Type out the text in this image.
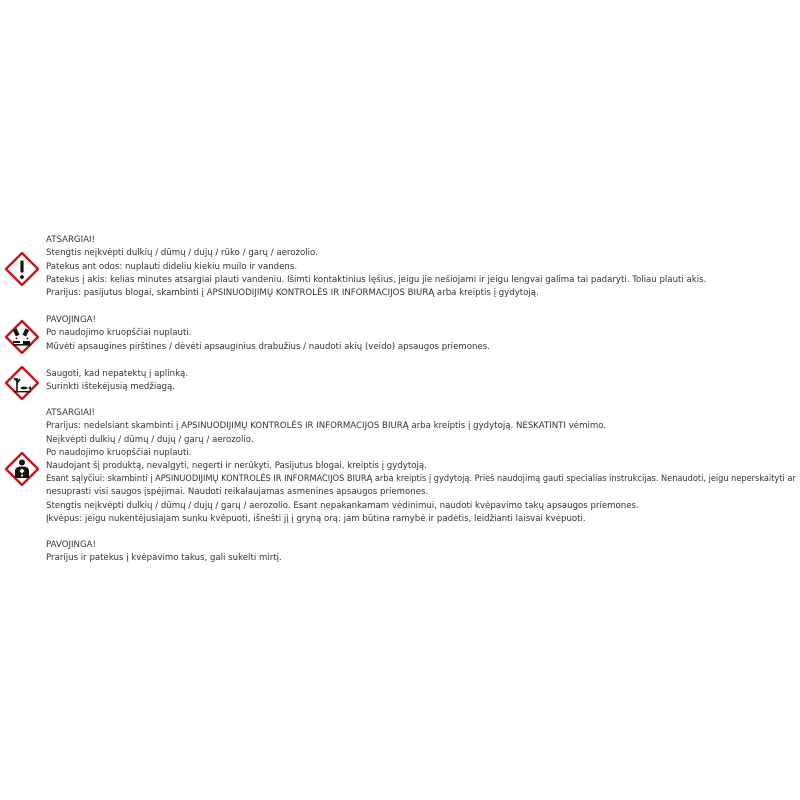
ATSARGIAI!
Stengtis neįkvėpti dulkių / dūmų / dujų / rūko / garų / aerozolio.
Patekus ant odos: nuplauti dideliu kiekiu muilo ir vandens.
Patekus į akis: kelias minutes atsargiai plauti vandeniu. Išimti kontaktinius lęšius, jeigu jie nešiojami ir jeigu lengvai galima tai padaryti. Toliau plauti akis.
Prarijus: pasijutus blogai, skambinti į APSINUODIJIMŲ KONTROLĖS IR INFORMACIJOS BIURĄ arba kreiptis į gydytoją.
PAVOJINGA!
Po naudojimo kruopščiai nuplauti.
Mūvėti apsaugines pirštines / dėvėti apsauginius drabužius / naudoti akių (veido) apsaugos priemones.
Saugoti, kad nepatektų į aplinką.
Surinkti ištekėjusią medžiagą.
ATSARGIAI!
Prarijus: nedelsiant skambinti į APSINUODIJIMŲ KONTROLĖS IR INFORMACIJOS BIURĄ arba kreiptis į gydytoją. NESKATINTI vėmimo.
Neįkvėpti dulkių / dūmų / dujų / garų / aerozolio.
Po naudojimo kruopščiai nuplauti.
Naudojant šį produktą, nevalgyti, negerti ir nerūkyti. Pasijutus blogai, kreiptis į gydytoją.
Esant sąlyčiui: skambinti į APSINUODIJIMŲ KONTROLĖS IR INFORMACIJOS BIURĄ arba kreiptis į gydytoją. Prieš naudojimą gauti specialias instrukcijas. Nenaudoti, jeigu neperskaityti ar
nesuprasti visi saugos įspėjimai. Naudoti reikalaujamas asmenines apsaugos priemones.
Stengtis neįkvėpti dulkių / dūmų / dujų / garų / aerozolio. Esant nepakankamam vėdinimui, naudoti kvėpavimo takų apsaugos priemones.
Įkvėpus: jeigu nukentėjusiajam sunku kvėpuoti, išnešti jį į gryną orą: jam būtina ramybė ir padėtis, leidžianti laisvai kvėpuoti.
PAVOJINGA!
Prarijus ir patekus į kvėpavimo takus, gali sukelti mirtį.
